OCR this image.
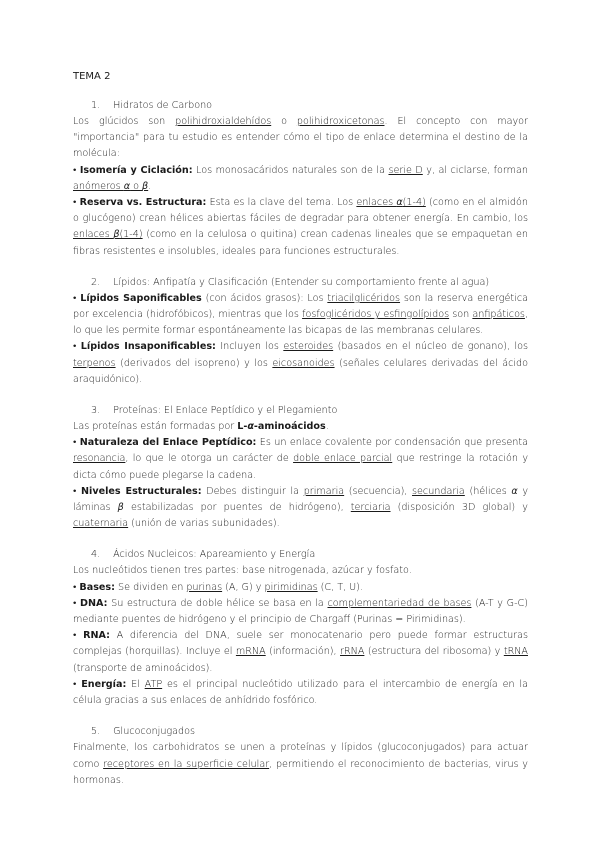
TEMA 2
1. Hidratos de Carbono

Los glúcidos son polihidroxialdehídos o polihidroxicetonas. El concepto con mayor "importancia" para tu estudio es entender cómo el tipo de enlace determina el destino de la molécula:

• Isomería y Ciclación: Los monosacáridos naturales son de la serie D y, al ciclarse, forman anómeros α o β.

• Reserva vs. Estructura: Esta es la clave del tema. Los enlaces α(1-4) (como en el almidón o glucógeno) crean hélices abiertas fáciles de degradar para obtener energía. En cambio, los enlaces β(1-4) (como en la celulosa o quitina) crean cadenas lineales que se empaquetan en fibras resistentes e insolubles, ideales para funciones estructurales.

2. Lípidos: Anfipatía y Clasificación (Entender su comportamiento frente al agua)

• Lípidos Saponificables (con ácidos grasos): Los triacilglicéridos son la reserva energética por excelencia (hidrofóbicos), mientras que los fosfoglicéridos y esfingolípidos son anfipáticos, lo que les permite formar espontáneamente las bicapas de las membranas celulares.

• Lípidos Insaponificables: Incluyen los esteroides (basados en el núcleo de gonano), los terpenos (derivados del isopreno) y los eicosanoides (señales celulares derivadas del ácido araquidónico).

3. Proteínas: El Enlace Peptídico y el Plegamiento

Las proteínas están formadas por L-α-aminoácidos.

• Naturaleza del Enlace Peptídico: Es un enlace covalente por condensación que presenta resonancia, lo que le otorga un carácter de doble enlace parcial que restringe la rotación y dicta cómo puede plegarse la cadena.

• Niveles Estructurales: Debes distinguir la primaria (secuencia), secundaria (hélices α y láminas β estabilizadas por puentes de hidrógeno), terciaria (disposición 3D global) y cuaternaria (unión de varias subunidades).

4. Ácidos Nucleicos: Apareamiento y Energía

Los nucleótidos tienen tres partes: base nitrogenada, azúcar y fosfato.

• Bases: Se dividen en purinas (A, G) y pirimidinas (C, T, U).

• DNA: Su estructura de doble hélice se basa en la complementariedad de bases (A-T y G-C) mediante puentes de hidrógeno y el principio de Chargaff (Purinas = Pirimidinas).

• RNA: A diferencia del DNA, suele ser monocatenario pero puede formar estructuras complejas (horquillas). Incluye el mRNA (información), rRNA (estructura del ribosoma) y tRNA (transporte de aminoácidos).

• Energía: El ATP es el principal nucleótido utilizado para el intercambio de energía en la célula gracias a sus enlaces de anhídrido fosfórico.

5. Glucoconjugados

Finalmente, los carbohidratos se unen a proteínas y lípidos (glucoconjugados) para actuar como receptores en la superficie celular, permitiendo el reconocimiento de bacterias, virus y hormonas.
